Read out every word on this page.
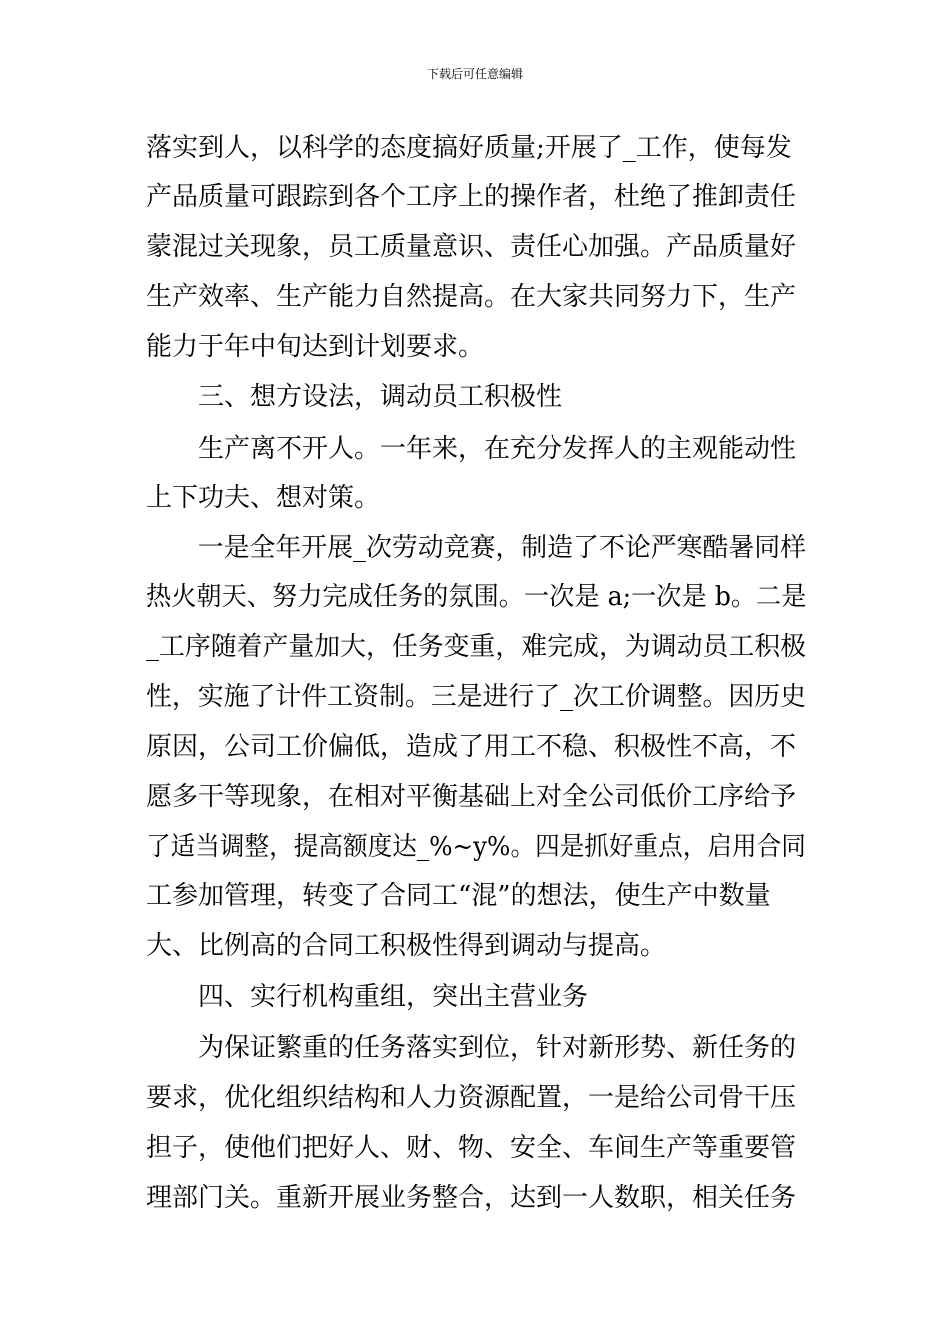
下载后可任意编辑
落实到人，以科学的态度搞好质量;开展了_工作，使每发
产品质量可跟踪到各个工序上的操作者，杜绝了推卸责任
蒙混过关现象，员工质量意识、责任心加强。产品质量好
生产效率、生产能力自然提高。在大家共同努力下，生产
能力于年中旬达到计划要求。
　　三、想方设法，调动员工积极性
　　生产离不开人。一年来，在充分发挥人的主观能动性
上下功夫、想对策。
　　一是全年开展_次劳动竞赛，制造了不论严寒酷暑同样
热火朝天、努力完成任务的氛围。一次是 a;一次是 b。二是
_工序随着产量加大，任务变重，难完成，为调动员工积极
性，实施了计件工资制。三是进行了_次工价调整。因历史
原因，公司工价偏低，造成了用工不稳、积极性不高，不
愿多干等现象，在相对平衡基础上对全公司低价工序给予
了适当调整，提高额度达_%~y%。四是抓好重点，启用合同
工参加管理，转变了合同工“混”的想法，使生产中数量
大、比例高的合同工积极性得到调动与提高。
　　四、实行机构重组，突出主营业务
　　为保证繁重的任务落实到位，针对新形势、新任务的
要求，优化组织结构和人力资源配置，一是给公司骨干压
担子，使他们把好人、财、物、安全、车间生产等重要管
理部门关。重新开展业务整合，达到一人数职，相关任务
